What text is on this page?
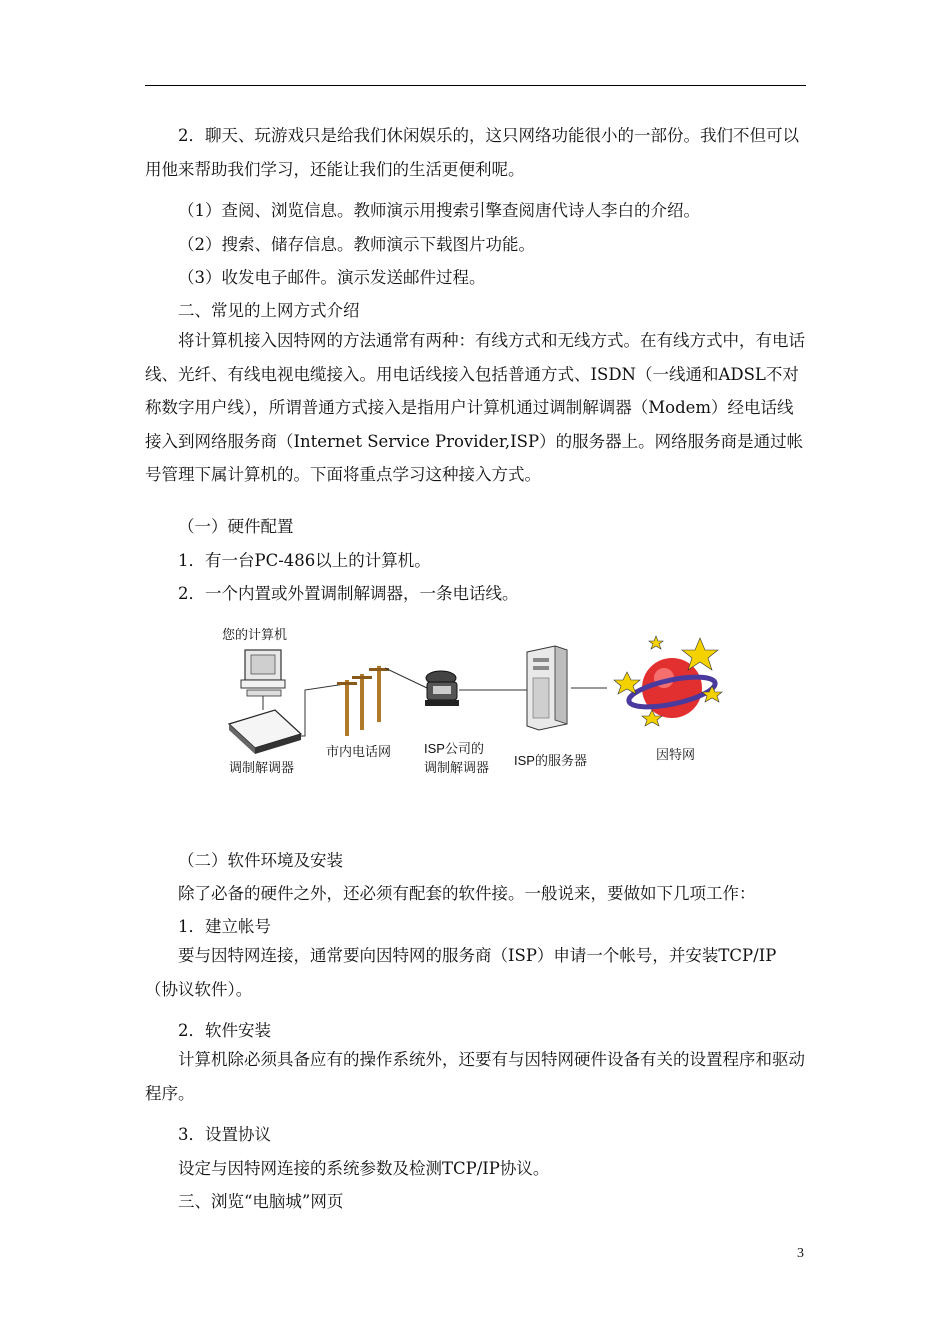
2．聊天、玩游戏只是给我们休闲娱乐的，这只网络功能很小的一部份。我们不但可以用他来帮助我们学习，还能让我们的生活更便利呢。

（1）查阅、浏览信息。教师演示用搜索引擎查阅唐代诗人李白的介绍。
（2）搜索、储存信息。教师演示下载图片功能。
（3）收发电子邮件。演示发送邮件过程。
二、常见的上网方式介绍

将计算机接入因特网的方法通常有两种：有线方式和无线方式。在有线方式中，有电话线、光纤、有线电视电缆接入。用电话线接入包括普通方式、ISDN（一线通和ADSL不对称数字用户线），所谓普通方式接入是指用户计算机通过调制解调器（Modem）经电话线接入到网络服务商（Internet Service Provider,ISP）的服务器上。网络服务商是通过帐号管理下属计算机的。下面将重点学习这种接入方式。

（一）硬件配置
1．有一台PC-486以上的计算机。
2．一个内置或外置调制解调器，一条电话线。
您的计算机
调制解调器
市内电话网	ISP公司的
调制解调器 ISP的服务器	因特网
（二）软件环境及安装
除了必备的硬件之外，还必须有配套的软件接。一般说来，要做如下几项工作：
1．建立帐号

要与因特网连接，通常要向因特网的服务商（ISP）申请一个帐号，并安装TCP/IP（协议软件）。

2．软件安装

计算机除必须具备应有的操作系统外，还要有与因特网硬件设备有关的设置程序和驱动程序。

3．设置协议
设定与因特网连接的系统参数及检测TCP/IP协议。
三、浏览“电脑城”网页
3
